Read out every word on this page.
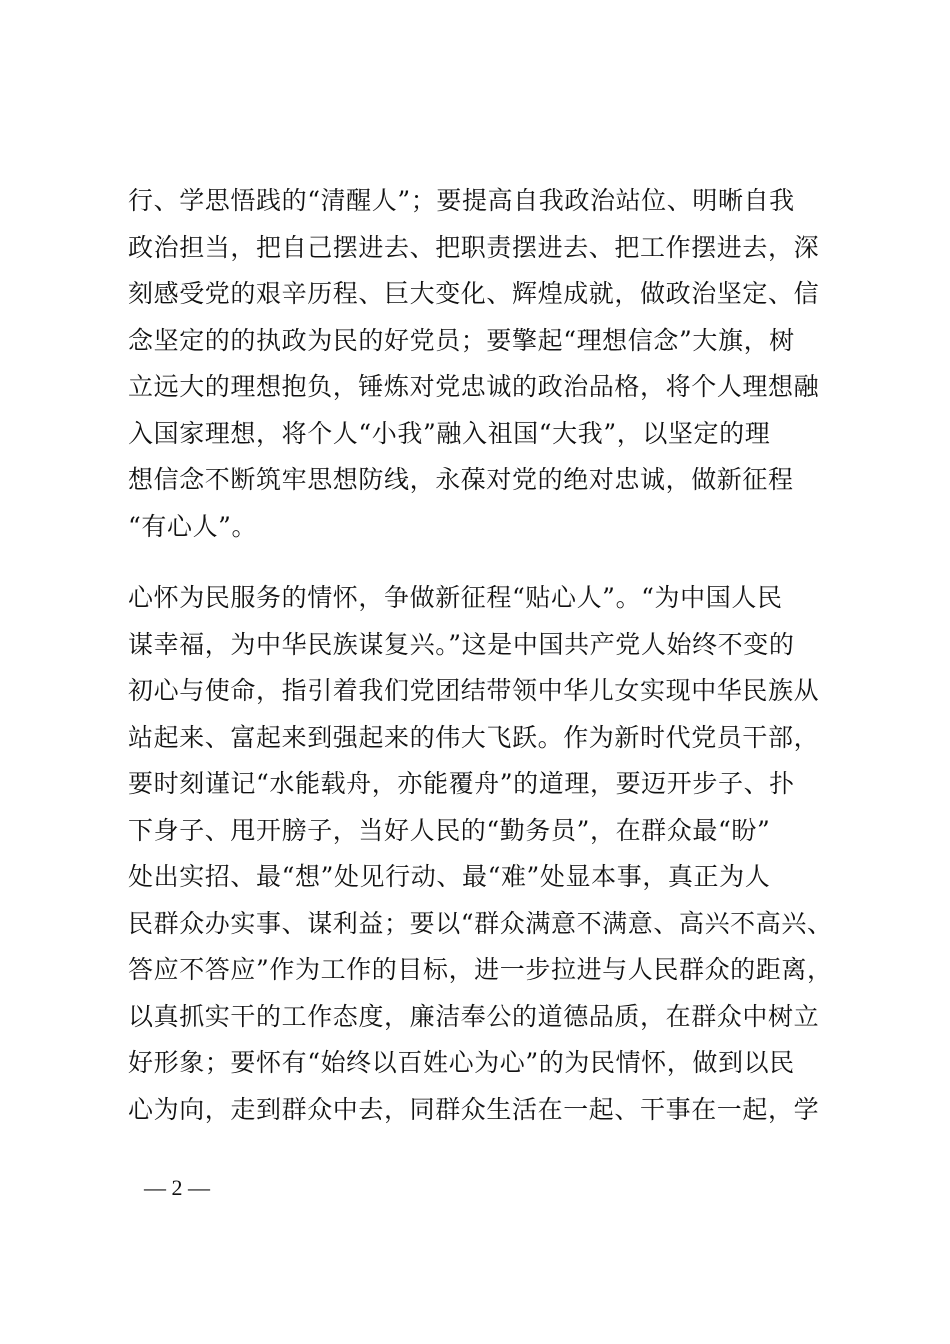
行、学思悟践的“清醒人”；要提高自我政治站位、明晰自我
政治担当，把自己摆进去、把职责摆进去、把工作摆进去，深
刻感受党的艰辛历程、巨大变化、辉煌成就，做政治坚定、信
念坚定的的执政为民的好党员；要擎起“理想信念”大旗，树
立远大的理想抱负，锤炼对党忠诚的政治品格，将个人理想融
入国家理想，将个人“小我”融入祖国“大我”，以坚定的理
想信念不断筑牢思想防线，永葆对党的绝对忠诚，做新征程
“有心人”。
心怀为民服务的情怀，争做新征程“贴心人”。“为中国人民
谋幸福，为中华民族谋复兴。”这是中国共产党人始终不变的
初心与使命，指引着我们党团结带领中华儿女实现中华民族从
站起来、富起来到强起来的伟大飞跃。作为新时代党员干部，
要时刻谨记“水能载舟，亦能覆舟”的道理，要迈开步子、扑
下身子、甩开膀子，当好人民的“勤务员”，在群众最“盼”
处出实招、最“想”处见行动、最“难”处显本事，真正为人
民群众办实事、谋利益；要以“群众满意不满意、高兴不高兴、
答应不答应”作为工作的目标，进一步拉进与人民群众的距离，
以真抓实干的工作态度，廉洁奉公的道德品质，在群众中树立
好形象；要怀有“始终以百姓心为心”的为民情怀，做到以民
心为向，走到群众中去，同群众生活在一起、干事在一起，学
— 2 —
